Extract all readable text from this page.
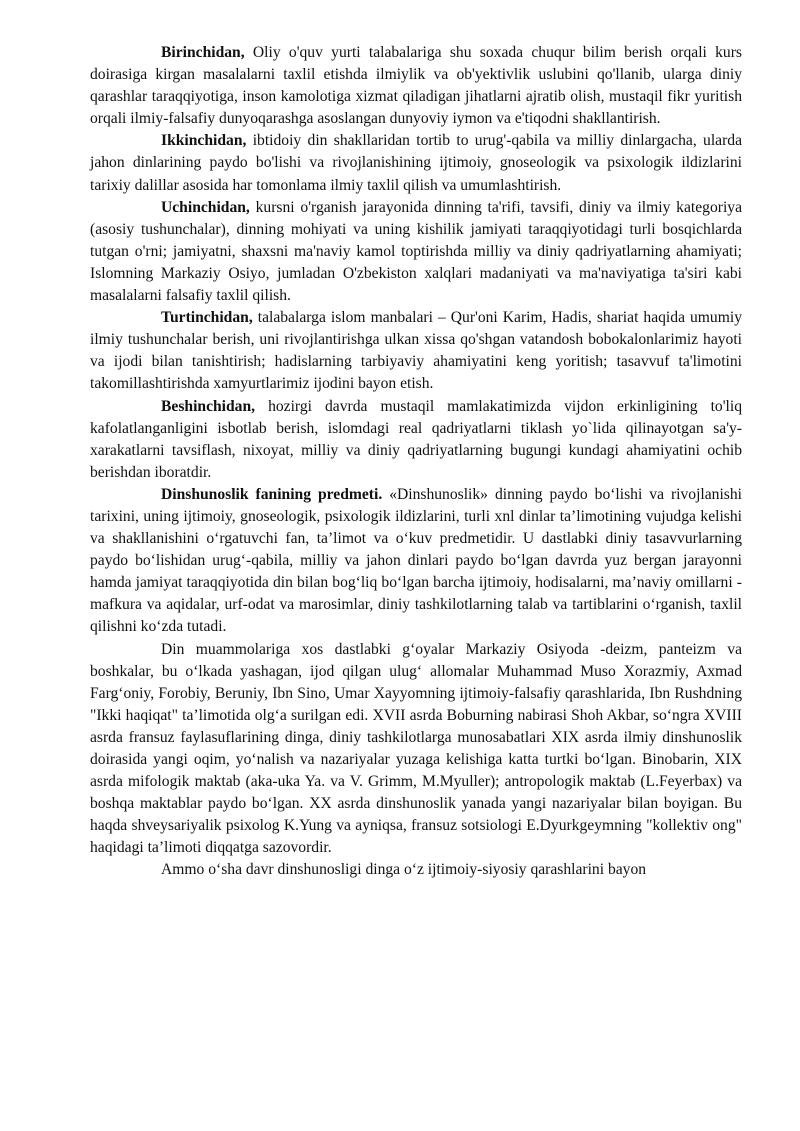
Birinchidan, Oliy o'quv yurti talabalariga shu soxada chuqur bilim berish orqali kurs doirasiga kirgan masalalarni taxlil etishda ilmiylik va ob'yektivlik uslubini qo'llanib, ularga diniy qarashlar taraqqiyotiga, inson kamolotiga xizmat qiladigan jihatlarni ajratib olish, mustaqil fikr yuritish orqali ilmiy-falsafiy dunyoqarashga asoslangan dunyoviy iymon va e'tiqodni shakllantirish.

Ikkinchidan, ibtidoiy din shakllaridan tortib to urug'-qabila va milliy dinlargacha, ularda jahon dinlarining paydo bo'lishi va rivojlanishining ijtimoiy, gnoseologik va psixologik ildizlarini tarixiy dalillar asosida har tomonlama ilmiy taxlil qilish va umumlashtirish.

Uchinchidan, kursni o'rganish jarayonida dinning ta'rifi, tavsifi, diniy va ilmiy kategoriya (asosiy tushunchalar), dinning mohiyati va uning kishilik jamiyati taraqqiyotidagi turli bosqichlarda tutgan o'rni; jamiyatni, shaxsni ma'naviy kamol toptirishda milliy va diniy qadriyatlarning ahamiyati; Islomning Markaziy Osiyo, jumladan O'zbekiston xalqlari madaniyati va ma'naviyatiga ta'siri kabi masalalarni falsafiy taxlil qilish.

Turtinchidan, talabalarga islom manbalari – Qur'oni Karim, Hadis, shariat haqida umumiy ilmiy tushunchalar berish, uni rivojlantirishga ulkan xissa qo'shgan vatandosh bobokalonlarimiz hayoti va ijodi bilan tanishtirish; hadislarning tarbiyaviy ahamiyatini keng yoritish; tasavvuf ta'limotini takomillashtirishda xamyurtlarimiz ijodini bayon etish.

Beshinchidan, hozirgi davrda mustaqil mamlakatimizda vijdon erkinligining to'liq kafolatlanganligini isbotlab berish, islomdagi real qadriyatlarni tiklash yo`lida qilinayotgan sa'y-xarakatlarni tavsiflash, nixoyat, milliy va diniy qadriyatlarning bugungi kundagi ahamiyatini ochib berishdan iboratdir.

Dinshunoslik fanining predmeti. «Dinshunoslik» dinning paydo bo‘lishi va rivojlanishi tarixini, uning ijtimoiy, gnoseologik, psixologik ildizlarini, turli xnl dinlar ta’limotining vujudga kelishi va shakllanishini o‘rgatuvchi fan, ta’limot va o‘kuv predmetidir. U dastlabki diniy tasavvurlarning paydo bo‘lishidan urug‘-qabila, milliy va jahon dinlari paydo bo‘lgan davrda yuz bergan jarayonni hamda jamiyat taraqqiyotida din bilan bog‘liq bo‘lgan barcha ijtimoiy, hodisalarni, ma’naviy omillarni - mafkura va aqidalar, urf-odat va marosimlar, diniy tashkilotlarning talab va tartiblarini o‘rganish, taxlil qilishni ko‘zda tutadi.

Din muammolariga xos dastlabki g‘oyalar Markaziy Osiyoda -deizm, panteizm va boshkalar, bu o‘lkada yashagan, ijod qilgan ulug‘ allomalar Muhammad Muso Xorazmiy, Axmad Farg‘oniy, Forobiy, Beruniy, Ibn Sino, Umar Xayyomning ijtimoiy-falsafiy qarashlarida, Ibn Rushdning "Ikki haqiqat" ta’limotida olg‘a surilgan edi. XVII asrda Boburning nabirasi Shoh Akbar, so‘ngra XVIII asrda fransuz faylasuflarining dinga, diniy tashkilotlarga munosabatlari XIX asrda ilmiy dinshunoslik doirasida yangi oqim, yo‘nalish va nazariyalar yuzaga kelishiga katta turtki bo‘lgan. Binobarin, XIX asrda mifologik maktab (aka-uka Ya. va V. Grimm, M.Myuller); antropologik maktab (L.Feyerbax) va boshqa maktablar paydo bo‘lgan. XX asrda dinshunoslik yanada yangi nazariyalar bilan boyigan. Bu haqda shveysariyalik psixolog K.Yung va ayniqsa, fransuz sotsiologi E.Dyurkgeymning "kollektiv ong" haqidagi ta’limoti diqqatga sazovordir.

Ammo o‘sha davr dinshunosligi dinga o‘z ijtimoiy-siyosiy qarashlarini bayon
